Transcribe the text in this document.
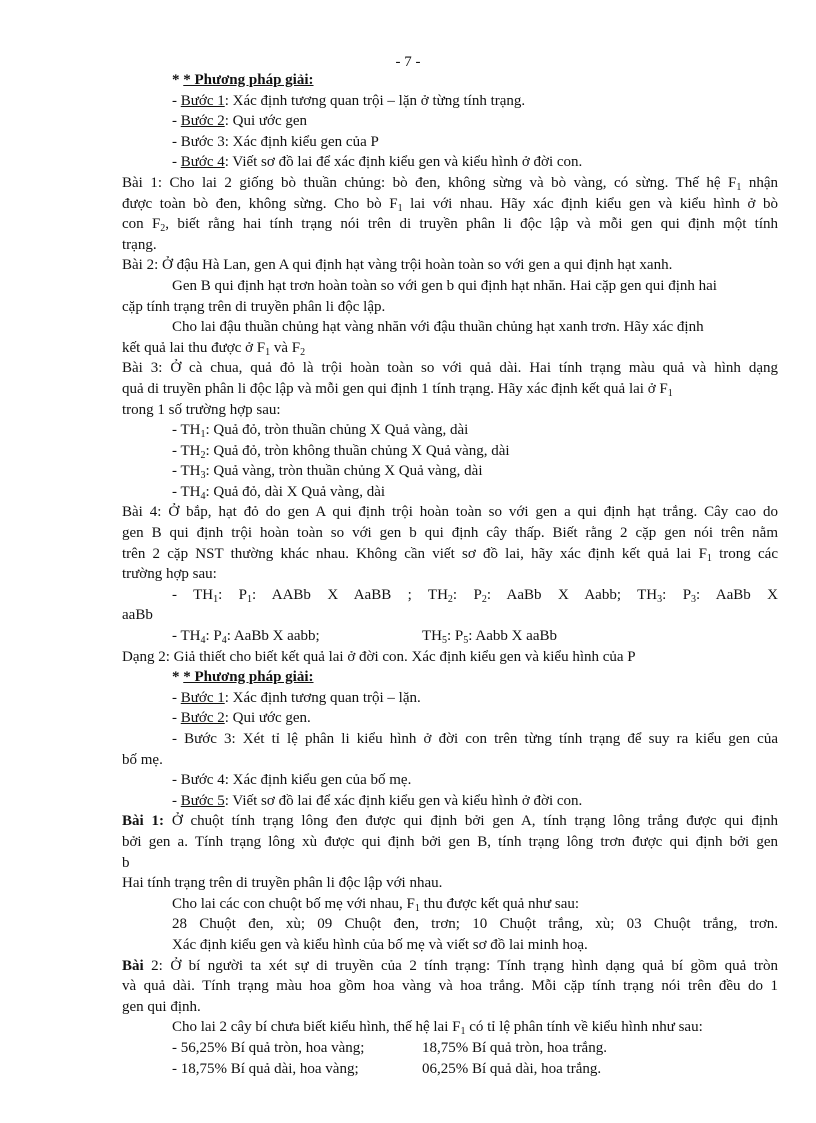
- 7 -
* * Phương pháp giải:
- Bước 1: Xác định tương quan trội – lặn ở từng tính trạng.
- Bước 2: Qui ước gen
- Bước 3: Xác định kiểu gen của P
- Bước 4: Viết sơ đồ lai để xác định kiểu gen và kiểu hình ở đời con.
Bài 1: Cho lai 2 giống bò thuần chủng: bò đen, không sừng và bò vàng, có sừng. Thế hệ $F_1$ nhận
được toàn bò đen, không sừng. Cho bò $F_1$ lai với nhau. Hãy xác định kiểu gen và kiểu hình ở bò
con $F_2$, biết rằng hai tính trạng nói trên di truyền phân li độc lập và mỗi gen qui định một tính
trạng.
Bài 2: Ở đậu Hà Lan, gen A qui định hạt vàng trội hoàn toàn so với gen a qui định hạt xanh.
Gen B qui định hạt trơn hoàn toàn so với gen b qui định hạt nhăn. Hai cặp gen qui định hai
cặp tính trạng trên di truyền phân li độc lập.
Cho lai đậu thuần chủng hạt vàng nhăn với đậu thuần chủng hạt xanh trơn. Hãy xác định
kết quả lai thu được ở $F_1$ và $F_2$
Bài 3: Ở cà chua, quả đỏ là trội hoàn toàn so với quả dài. Hai tính trạng màu quả và hình dạng
quả di truyền phân li độc lập và mỗi gen qui định 1 tính trạng. Hãy xác định kết quả lai ở $F_1$
trong 1 số trường hợp sau:
- $TH_1$: Quả đỏ, tròn thuần chủng X Quả vàng, dài
- $TH_2$: Quả đỏ, tròn không thuần chủng X Quả vàng, dài
- $TH_3$: Quả vàng, tròn thuần chủng X Quả vàng, dài
- $TH_4$: Quả đỏ, dài X Quả vàng, dài
Bài 4: Ở bắp, hạt đỏ do gen A qui định trội hoàn toàn so với gen a qui định hạt trắng. Cây cao do
gen B qui định trội hoàn toàn so với gen b qui định cây thấp. Biết rằng 2 cặp gen nói trên nằm
trên 2 cặp NST thường khác nhau. Không cần viết sơ đồ lai, hãy xác định kết quả lai $F_1$ trong các
trường hợp sau:
- $TH_1$: $P_1$: AABb X AaBB ; $TH_2$: $P_2$: AaBb X Aabb; $TH_3$: $P_3$: AaBb X
aaBb
- $TH_4$: $P_4$: AaBb X aabb;	$TH_5$: $P_5$: Aabb X aaBb
Dạng 2: Giả thiết cho biết kết quả lai ở đời con. Xác định kiểu gen và kiểu hình của P
* * Phương pháp giải:
- Bước 1: Xác định tương quan trội – lặn.
- Bước 2: Qui ước gen.
- Bước 3: Xét tỉ lệ phân li kiểu hình ở đời con trên từng tính trạng để suy ra kiểu gen của
bố mẹ.
- Bước 4: Xác định kiểu gen của bố mẹ.
- Bước 5: Viết sơ đồ lai để xác định kiểu gen và kiểu hình ở đời con.
Bài 1: Ở chuột tính trạng lông đen được qui định bởi gen A, tính trạng lông trắng được qui định
bởi gen a. Tính trạng lông xù được qui định bởi gen B, tính trạng lông trơn được qui định bởi gen
b
Hai tính trạng trên di truyền phân li độc lập với nhau.
Cho lai các con chuột bố mẹ với nhau, $F_1$ thu được kết quả như sau:
28 Chuột đen, xù; 09 Chuột đen, trơn; 10 Chuột trắng, xù; 03 Chuột trắng, trơn.
Xác định kiểu gen và kiểu hình của bố mẹ và viết sơ đồ lai minh hoạ.
Bài 2: Ở bí người ta xét sự di truyền của 2 tính trạng: Tính trạng hình dạng quả bí gồm quả tròn
và quả dài. Tính trạng màu hoa gồm hoa vàng và hoa trắng. Mỗi cặp tính trạng nói trên đều do 1
gen qui định.
Cho lai 2 cây bí chưa biết kiểu hình, thế hệ lai $F_1$ có tỉ lệ phân tính về kiểu hình như sau:
- 56,25% Bí quả tròn, hoa vàng;	18,75% Bí quả tròn, hoa trắng.
- 18,75% Bí quả dài, hoa vàng;	06,25% Bí quả dài, hoa trắng.
